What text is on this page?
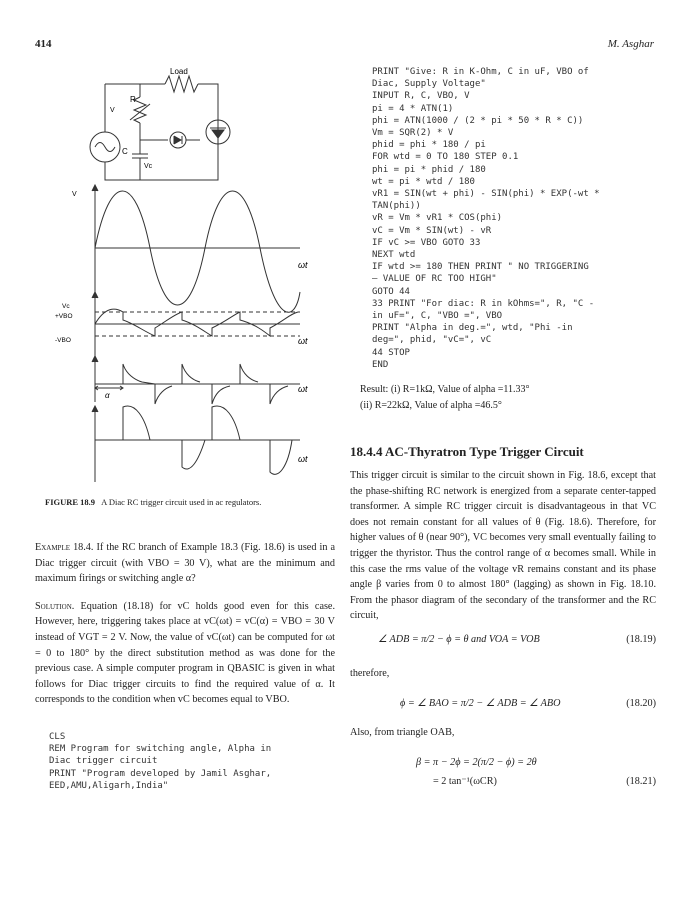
414	M. Asghar
Load
R
V
C
Vc
V
ωt
Vc
+VBO
-VBO	ωt
α
ωt
ωt
FIGURE 18.9 A Diac RC trigger circuit used in ac regulators.

Example 18.4. If the RC branch of Example 18.3 (Fig. 18.6) is used in a Diac trigger circuit (with VBO = 30 V), what are the minimum and maximum firings or switching angle α?

Solution. Equation (18.18) for vC holds good even for this case. However, here, triggering takes place at vC(ωt) = vC(α) = VBO = 30 V instead of VGT = 2 V. Now, the value of vC(ωt) can be computed for ωt = 0 to 180° by the direct substitution method as was done for the previous case. A simple computer program in QBASIC is given in what follows for Diac trigger circuits to find the required value of α. It corresponds to the condition when vC becomes equal to VBO.

CLS
REM Program for switching angle, Alpha in
Diac trigger circuit
PRINT "Program developed by Jamil Asghar,
EED,AMU,Aligarh,India"
PRINT "Give: R in K-Ohm, C in uF, VBO of
Diac, Supply Voltage"
INPUT R, C, VBO, V
pi = 4 * ATN(1)
phi = ATN(1000 / (2 * pi * 50 * R * C))
Vm = SQR(2) * V
phid = phi * 180 / pi
FOR wtd = 0 TO 180 STEP 0.1
phi = pi * phid / 180
wt = pi * wtd / 180
vR1 = SIN(wt + phi) - SIN(phi) * EXP(-wt *
TAN(phi))
vR = Vm * vR1 * COS(phi)
vC = Vm * SIN(wt) - vR
IF vC >= VBO GOTO 33
NEXT wtd
IF wtd >= 180 THEN PRINT " NO TRIGGERING
— VALUE OF RC TOO HIGH"
GOTO 44
33 PRINT "For diac: R in kOhms=", R, "C -
in uF=", C, "VBO =", VBO
PRINT "Alpha in deg.=", wtd, "Phi -in
deg=", phid, "vC=", vC
44 STOP
END
Result: (i) R=1kΩ, Value of alpha =11.33°
(ii) R=22kΩ, Value of alpha =46.5°
18.4.4 AC-Thyratron Type Trigger Circuit
This trigger circuit is similar to the circuit shown in Fig. 18.6, except that the phase-shifting RC network is energized from a separate center-tapped transformer. A simple RC trigger circuit is disadvantageous in that VC does not remain constant for all values of θ (Fig. 18.6). Therefore, for higher values of θ (near 90°), VC becomes very small eventually failing to trigger the thyristor. Thus the control range of α becomes small. While in this case the rms value of the voltage vR remains constant and its phase angle β varies from 0 to almost 180° (lagging) as shown in Fig. 18.10. From the phasor diagram of the secondary of the transformer and the RC circuit,
∠ ADB = π/2 − ϕ = θ and VOA = VOB	(18.19)
therefore,
ϕ = ∠ BAO = π/2 − ∠ ADB = ∠ ABO	(18.20)
Also, from triangle OAB,
β = π − 2ϕ = 2(π/2 − ϕ) = 2θ
= 2 tan⁻¹(ωCR)	(18.21)
